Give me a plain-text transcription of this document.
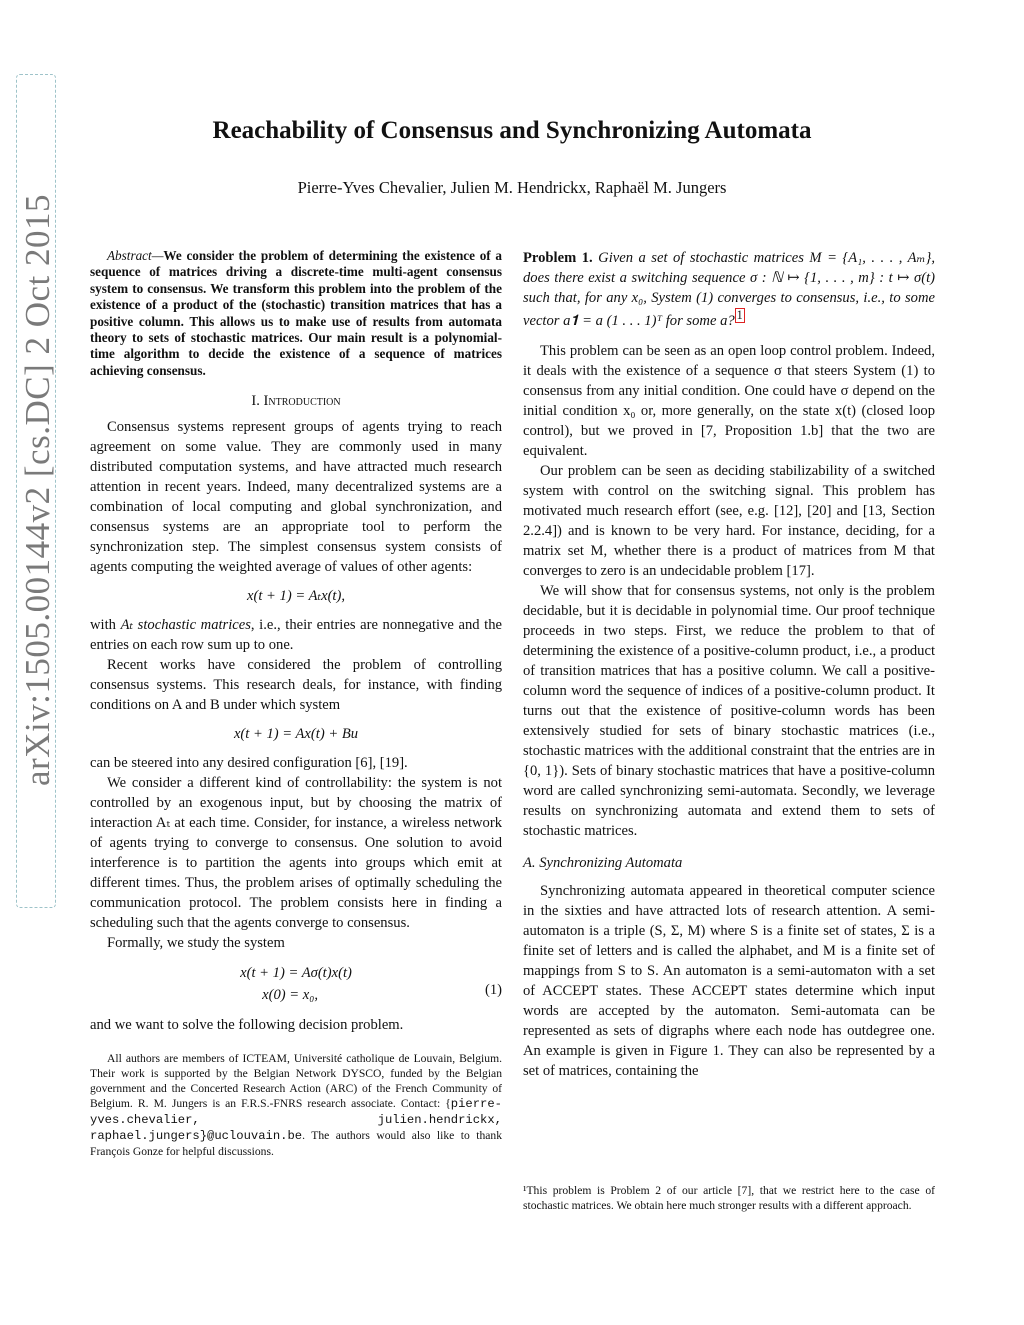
arXiv:1505.00144v2 [cs.DC] 2 Oct 2015
Reachability of Consensus and Synchronizing Automata
Pierre-Yves Chevalier, Julien M. Hendrickx, Raphaël M. Jungers

Abstract—We consider the problem of determining the existence of a sequence of matrices driving a discrete-time multi-agent consensus system to consensus. We transform this problem into the problem of the existence of a product of the (stochastic) transition matrices that has a positive column. This allows us to make use of results from automata theory to sets of stochastic matrices. Our main result is a polynomial-time algorithm to decide the existence of a sequence of matrices achieving consensus.

I. Introduction

Consensus systems represent groups of agents trying to reach agreement on some value. They are commonly used in many distributed computation systems, and have attracted much research attention in recent years. Indeed, many decentralized systems are a combination of local computing and global synchronization, and consensus systems are an appropriate tool to perform the synchronization step. The simplest consensus system consists of agents computing the weighted average of values of other agents:

x(t + 1) = Aₜx(t),

with Aₜ stochastic matrices, i.e., their entries are nonnegative and the entries on each row sum up to one.

Recent works have considered the problem of controlling consensus systems. This research deals, for instance, with finding conditions on A and B under which system

x(t + 1) = Ax(t) + Bu

can be steered into any desired configuration [6], [19].

We consider a different kind of controllability: the system is not controlled by an exogenous input, but by choosing the matrix of interaction Aₜ at each time. Consider, for instance, a wireless network of agents trying to converge to consensus. One solution to avoid interference is to partition the agents into groups which emit at different times. Thus, the problem arises of optimally scheduling the communication protocol. The problem consists here in finding a scheduling such that the agents converge to consensus.

Formally, we study the system

x(t + 1) = Aσ(t)x(t)
x(0) = x₀,	(1)

and we want to solve the following decision problem.

All authors are members of ICTEAM, Université catholique de Louvain, Belgium. Their work is supported by the Belgian Network DYSCO, funded by the Belgian government and the Concerted Research Action (ARC) of the French Community of Belgium. R. M. Jungers is an F.R.S.-FNRS research associate. Contact: {pierre-yves.chevalier, julien.hendrickx, raphael.jungers}@uclouvain.be. The authors would also like to thank François Gonze for helpful discussions.

Problem 1. Given a set of stochastic matrices M = {A₁, . . . , Aₘ}, does there exist a switching sequence σ : ℕ ↦ {1, . . . , m} : t ↦ σ(t) such that, for any x₀, System (1) converges to consensus, i.e., to some vector a𝟏 = a (1 . . . 1)ᵀ for some a? $^1$

This problem can be seen as an open loop control problem. Indeed, it deals with the existence of a sequence σ that steers System (1) to consensus from any initial condition. One could have σ depend on the initial condition x₀ or, more generally, on the state x(t) (closed loop control), but we proved in [7, Proposition 1.b] that the two are equivalent.

Our problem can be seen as deciding stabilizability of a switched system with control on the switching signal. This problem has motivated much research effort (see, e.g. [12], [20] and [13, Section 2.2.4]) and is known to be very hard. For instance, deciding, for a matrix set M, whether there is a product of matrices from M that converges to zero is an undecidable problem [17].

We will show that for consensus systems, not only is the problem decidable, but it is decidable in polynomial time. Our proof technique proceeds in two steps. First, we reduce the problem to that of determining the existence of a positive-column product, i.e., a product of transition matrices that has a positive column. We call a positive-column word the sequence of indices of a positive-column product. It turns out that the existence of positive-column words has been extensively studied for sets of binary stochastic matrices (i.e., stochastic matrices with the additional constraint that the entries are in {0, 1}). Sets of binary stochastic matrices that have a positive-column word are called synchronizing semi-automata. Secondly, we leverage results on synchronizing automata and extend them to sets of stochastic matrices.

A. Synchronizing Automata

Synchronizing automata appeared in theoretical computer science in the sixties and have attracted lots of research attention. A semi-automaton is a triple (S, Σ, M) where S is a finite set of states, Σ is a finite set of letters and is called the alphabet, and M is a finite set of mappings from S to S. An automaton is a semi-automaton with a set of ACCEPT states. These ACCEPT states determine which input words are accepted by the automaton. Semi-automata can be represented as sets of digraphs where each node has outdegree one. An example is given in Figure 1. They can also be represented by a set of matrices, containing the

¹This problem is Problem 2 of our article [7], that we restrict here to the case of stochastic matrices. We obtain here much stronger results with a different approach.
